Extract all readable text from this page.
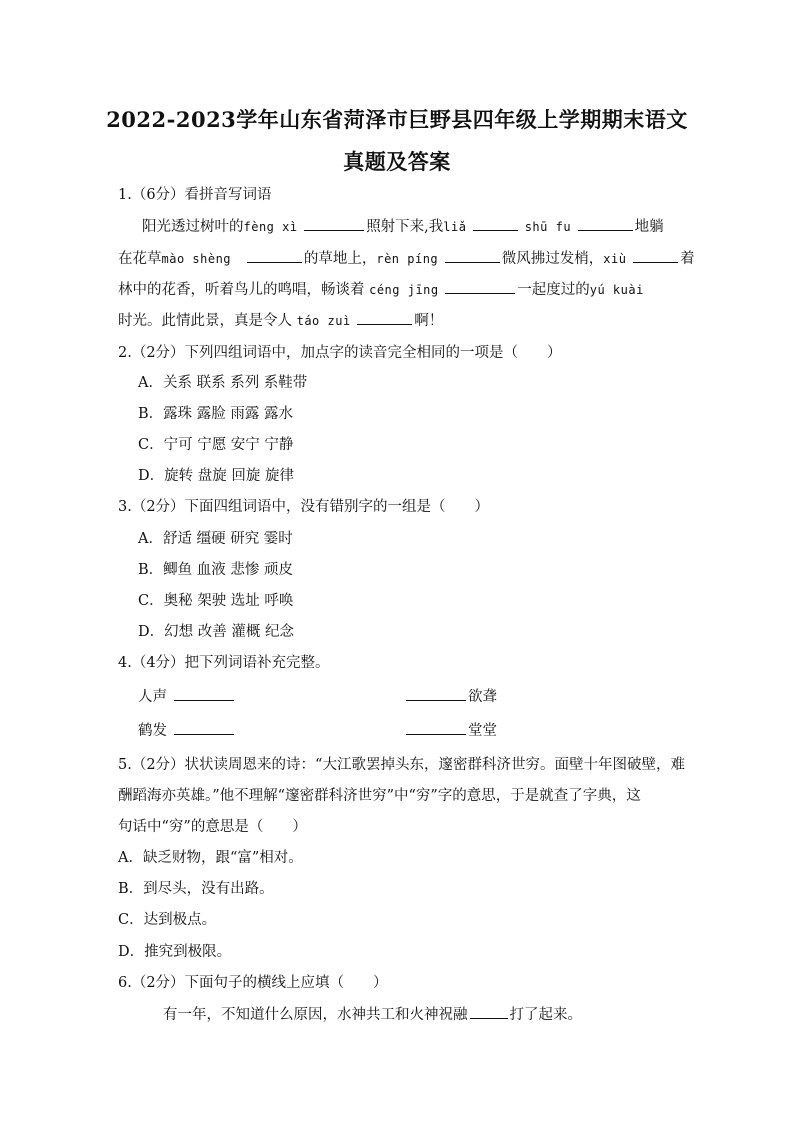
2022-2023学年山东省菏泽市巨野县四年级上学期期末语文
真题及答案
1.（6分）看拼音写词语
阳光透过树叶的fèng xì	照射下来,我liǎ	shū fu	地躺
在花草mào shèng	的草地上，rèn píng	微风拂过发梢，xiù	着
林中的花香，听着鸟儿的鸣唱，畅谈着 céng jīng	一起度过的yú kuài
时光。此情此景，真是令人 táo zuì	啊！
2.（2分）下列四组词语中，加点字的读音完全相同的一项是（　　）
A．关系 联系 系列 系鞋带
B．露珠 露脸 雨露 露水
C．宁可 宁愿 安宁 宁静
D．旋转 盘旋 回旋 旋律
3.（2分）下面四组词语中，没有错别字的一组是（　　）
A．舒适 缰硬 研究 霎时
B．鲫鱼 血液 悲惨 顽皮
C．奥秘 架驶 选址 呼唤
D．幻想 改善 灌概 纪念
4.（4分）把下列词语补充完整。
人声	欲聋
鹤发	堂堂
5.（2分）状状读周恩来的诗：“大江歌罢掉头东，邃密群科济世穷。面壁十年图破壁，难
酬蹈海亦英雄。”他不理解“邃密群科济世穷”中“穷”字的意思，于是就查了字典，这
句话中“穷”的意思是（　　）
A．缺乏财物，跟“富”相对。
B．到尽头，没有出路。
C．达到极点。
D．推究到极限。
6.（2分）下面句子的横线上应填（　　）
有一年，不知道什么原因，水神共工和火神祝融	打了起来。
